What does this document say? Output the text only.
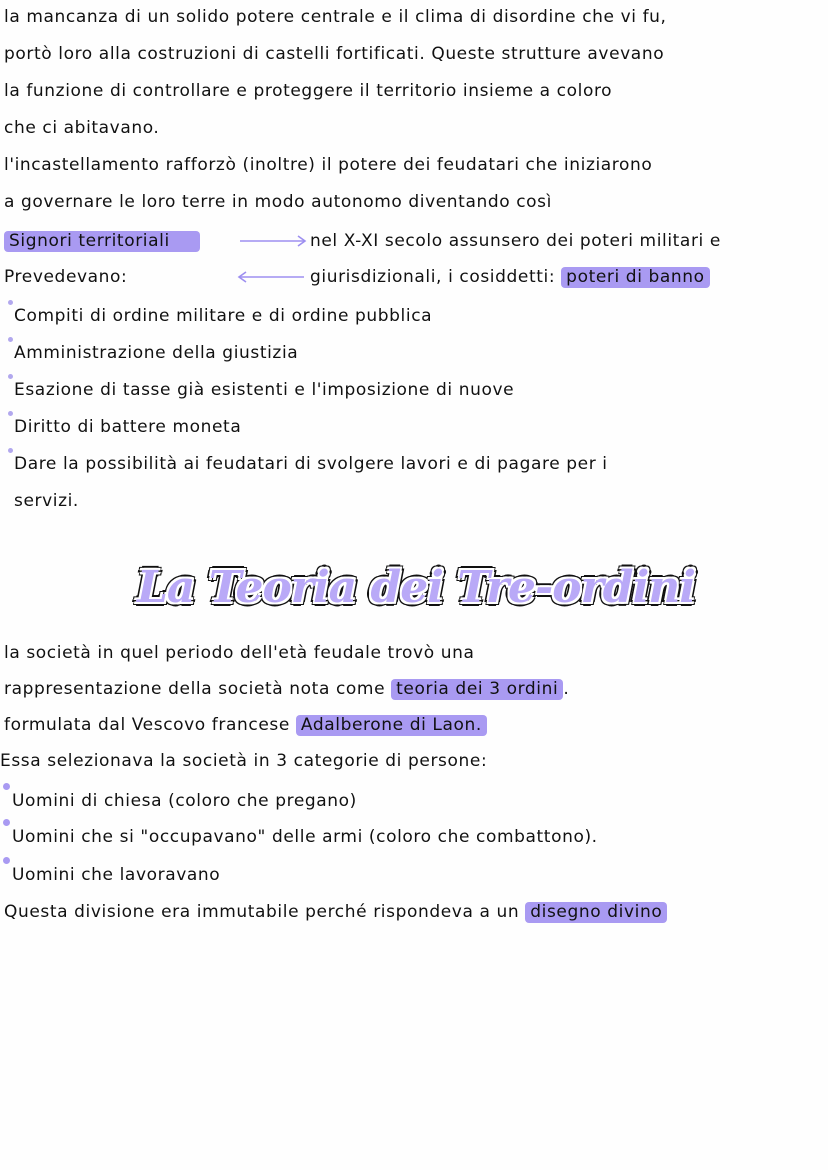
la mancanza di un solido potere centrale e il clima di disordine che vi fu,
portò loro alla costruzioni di castelli fortificati. Queste strutture avevano
la funzione di controllare e proteggere il territorio insieme a coloro
che ci abitavano.
l'incastellamento rafforzò (inoltre) il potere dei feudatari che iniziarono
a governare le loro terre in modo autonomo diventando così
Signori territoriali	nel X-XI secolo assunsero dei poteri militari e
Prevedevano:	giurisdizionali, i cosiddetti: poteri di banno
Compiti di ordine militare e di ordine pubblica
Amministrazione della giustizia
Esazione di tasse già esistenti e l'imposizione di nuove
Diritto di battere moneta
Dare la possibilità ai feudatari di svolgere lavori e di pagare per i
servizi.
La Teoria dei Tre-ordini
la società in quel periodo dell'età feudale trovò una
rappresentazione della società nota come teoria dei 3 ordini .
formulata dal Vescovo francese Adalberone di Laon.
Essa selezionava la società in 3 categorie di persone:
Uomini di chiesa (coloro che pregano)
Uomini che si "occupavano" delle armi (coloro che combattono).
Uomini che lavoravano
Questa divisione era immutabile perché rispondeva a un disegno divino
